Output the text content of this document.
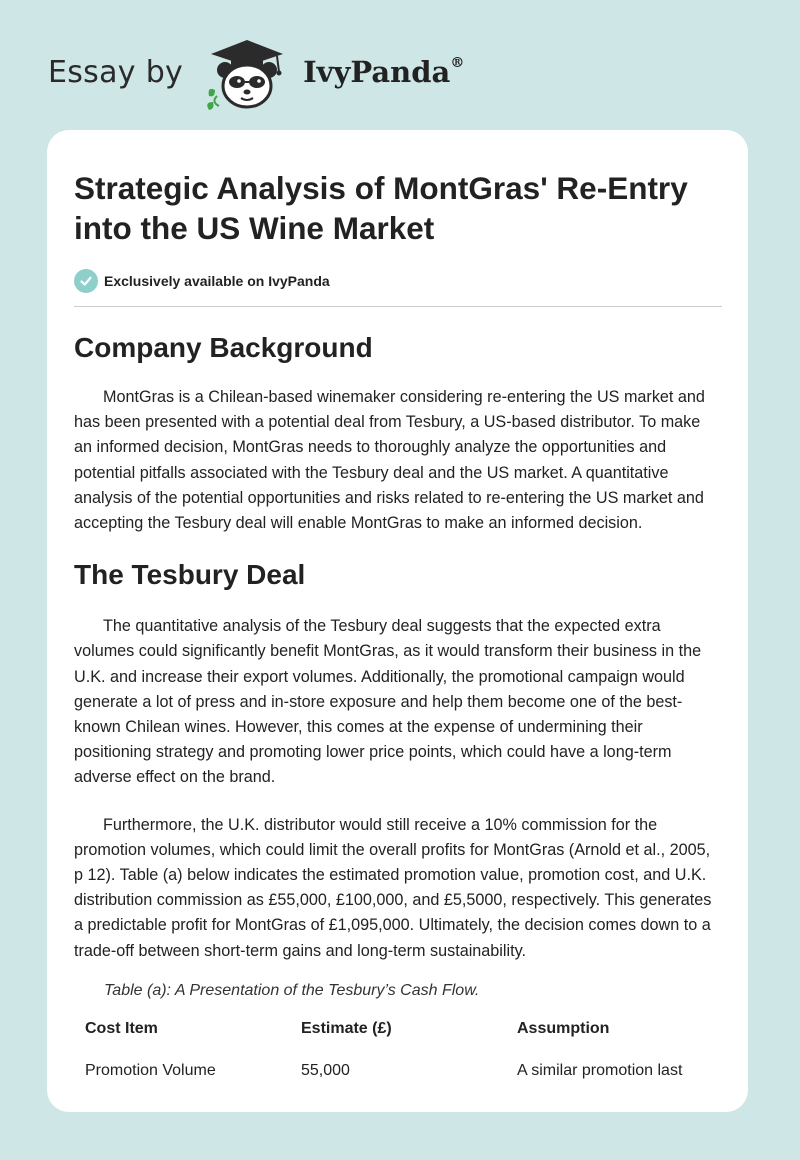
Essay by	IvyPanda®
Strategic Analysis of MontGras' Re-Entry into the US Wine Market
Exclusively available on IvyPanda
Company Background

MontGras is a Chilean-based winemaker considering re-entering the US market and has been presented with a potential deal from Tesbury, a US-based distributor. To make an informed decision, MontGras needs to thoroughly analyze the opportunities and potential pitfalls associated with the Tesbury deal and the US market. A quantitative analysis of the potential opportunities and risks related to re-entering the US market and accepting the Tesbury deal will enable MontGras to make an informed decision.

The Tesbury Deal

The quantitative analysis of the Tesbury deal suggests that the expected extra volumes could significantly benefit MontGras, as it would transform their business in the U.K. and increase their export volumes. Additionally, the promotional campaign would generate a lot of press and in-store exposure and help them become one of the best-known Chilean wines. However, this comes at the expense of undermining their positioning strategy and promoting lower price points, which could have a long-term adverse effect on the brand.

Furthermore, the U.K. distributor would still receive a 10% commission for the promotion volumes, which could limit the overall profits for MontGras (Arnold et al., 2005, p 12). Table (a) below indicates the estimated promotion value, promotion cost, and U.K. distribution commission as £55,000, £100,000, and £5,5000, respectively. This generates a predictable profit for MontGras of £1,095,000. Ultimately, the decision comes down to a trade-off between short-term gains and long-term sustainability.

Table (a): A Presentation of the Tesbury’s Cash Flow.

Cost Item	Estimate (£)	Assumption
Promotion Volume	55,000	A similar promotion last
